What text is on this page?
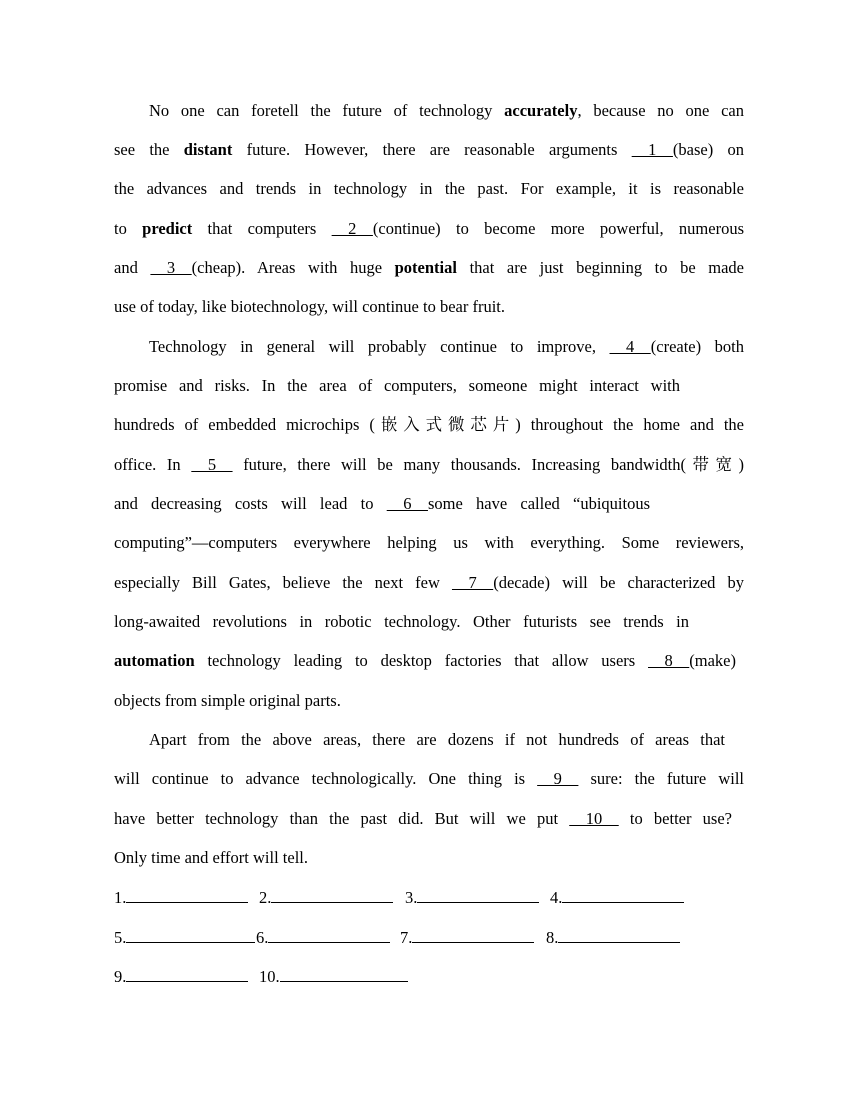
No one can foretell the future of technology accurately, because no one can
see the distant future. However, there are reasonable arguments   1  (base) on
the advances and trends in technology in the past. For example, it is reasonable
to predict that computers   2  (continue) to become more powerful, numerous
and   3  (cheap). Areas with huge potential that are just beginning to be made
use of today, like biotechnology, will continue to bear fruit.
Technology in general will probably continue to improve,   4  (create) both
promise and risks. In the area of computers, someone might interact with
hundreds of embedded microchips (嵌入式微芯片) throughout the home and the
office. In   5   future, there will be many thousands. Increasing bandwidth(带宽)
and decreasing costs will lead to   6  some have called “ubiquitous
computing”—computers everywhere helping us with everything. Some reviewers,
especially Bill Gates, believe the next few   7  (decade) will be characterized by
long-awaited revolutions in robotic technology. Other futurists see trends in
automation technology leading to desktop factories that allow users   8  (make)
objects from simple original parts.
Apart from the above areas, there are dozens if not hundreds of areas that
will continue to advance technologically. One thing is   9   sure: the future will
have better technology than the past did. But will we put   10   to better use?
Only time and effort will tell.
1.	2.	3.	4.
5.	6.	7.	8.
9.	10.
